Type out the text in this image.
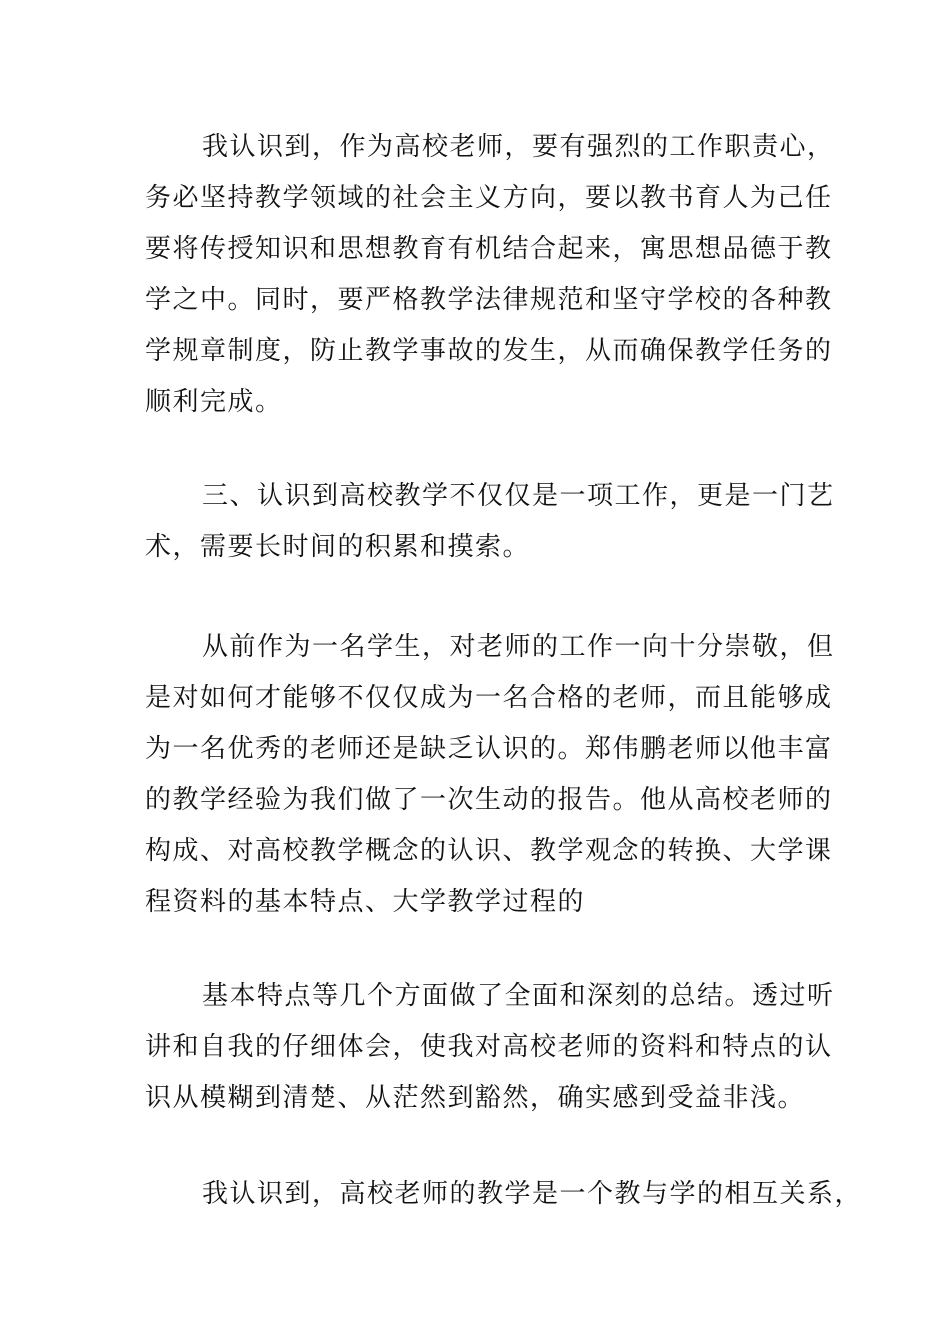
我认识到，作为高校老师，要有强烈的工作职责心，
务必坚持教学领域的社会主义方向，要以教书育人为己任
要将传授知识和思想教育有机结合起来，寓思想品德于教
学之中。同时，要严格教学法律规范和坚守学校的各种教
学规章制度，防止教学事故的发生，从而确保教学任务的
顺利完成。
三、认识到高校教学不仅仅是一项工作，更是一门艺
术，需要长时间的积累和摸索。
从前作为一名学生，对老师的工作一向十分崇敬，但
是对如何才能够不仅仅成为一名合格的老师，而且能够成
为一名优秀的老师还是缺乏认识的。郑伟鹏老师以他丰富
的教学经验为我们做了一次生动的报告。他从高校老师的
构成、对高校教学概念的认识、教学观念的转换、大学课
程资料的基本特点、大学教学过程的
基本特点等几个方面做了全面和深刻的总结。透过听
讲和自我的仔细体会，使我对高校老师的资料和特点的认
识从模糊到清楚、从茫然到豁然，确实感到受益非浅。
我认识到，高校老师的教学是一个教与学的相互关系，
